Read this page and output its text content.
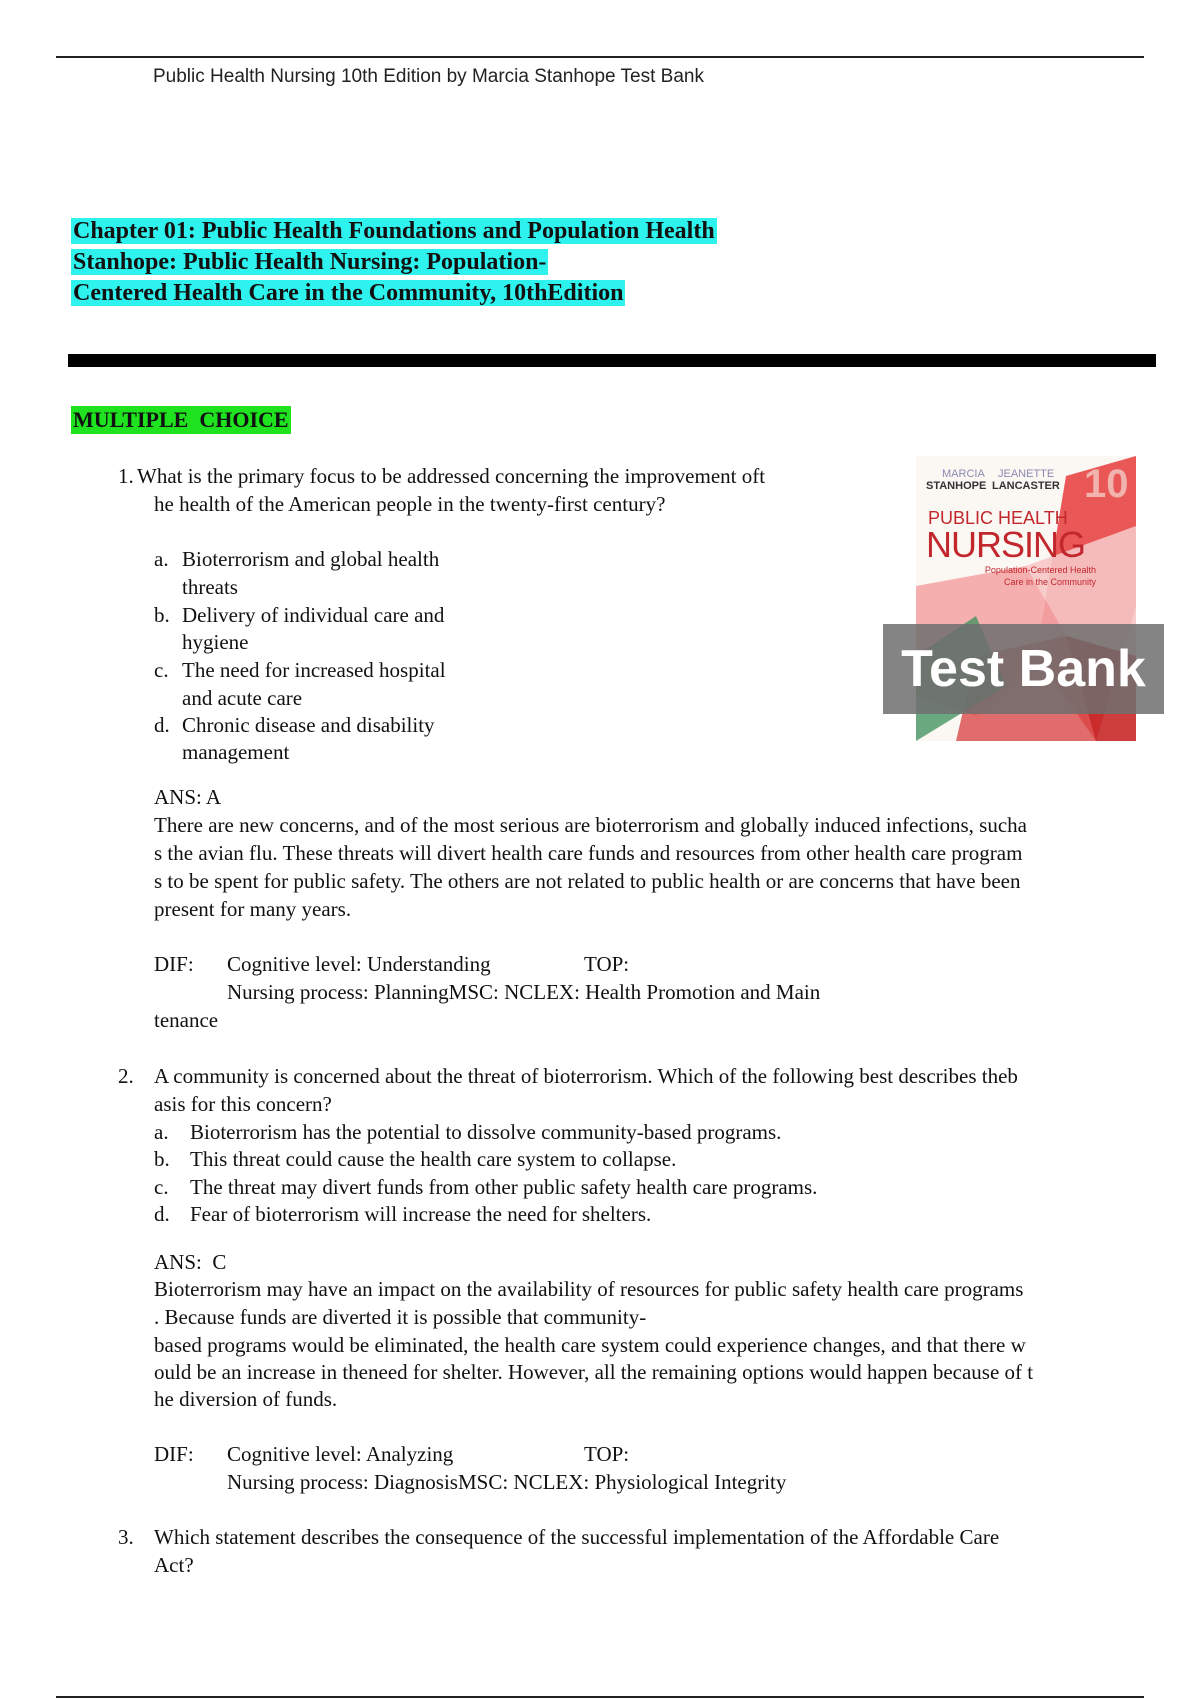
Public Health Nursing 10th Edition by Marcia Stanhope Test Bank
Chapter 01: Public Health Foundations and Population Health
Stanhope: Public Health Nursing: Population-
Centered Health Care in the Community, 10thEdition
MULTIPLE  CHOICE
1. What is the primary focus to be addressed concerning the improvement oft
he health of the American people in the twenty-first century?
a. Bioterrorism and global health
threats
b. Delivery of individual care and
hygiene
c. The need for increased hospital
and acute care
d. Chronic disease and disability
management
MARCIA
STANHOPE
JEANETTE
LANCASTER 10
PUBLIC HEALTH
NURSING
Population-Centered Health Care in the Community
Test Bank
ANS: A
There are new concerns, and of the most serious are bioterrorism and globally induced infections, sucha
s the avian flu. These threats will divert health care funds and resources from other health care program
s to be spent for public safety. The others are not related to public health or are concerns that have been
present for many years.
DIF: Cognitive level: Understanding	TOP:
Nursing process: PlanningMSC: NCLEX: Health Promotion and Main
tenance
2. A community is concerned about the threat of bioterrorism. Which of the following best describes theb
asis for this concern?
a. Bioterrorism has the potential to dissolve community-based programs.
b. This threat could cause the health care system to collapse.
c. The threat may divert funds from other public safety health care programs.
d. Fear of bioterrorism will increase the need for shelters.
ANS:  C
Bioterrorism may have an impact on the availability of resources for public safety health care programs
. Because funds are diverted it is possible that community-
based programs would be eliminated, the health care system could experience changes, and that there w
ould be an increase in theneed for shelter. However, all the remaining options would happen because of t
he diversion of funds.
DIF: Cognitive level: Analyzing	TOP:
Nursing process: DiagnosisMSC: NCLEX: Physiological Integrity
3. Which statement describes the consequence of the successful implementation of the Affordable Care
Act?
